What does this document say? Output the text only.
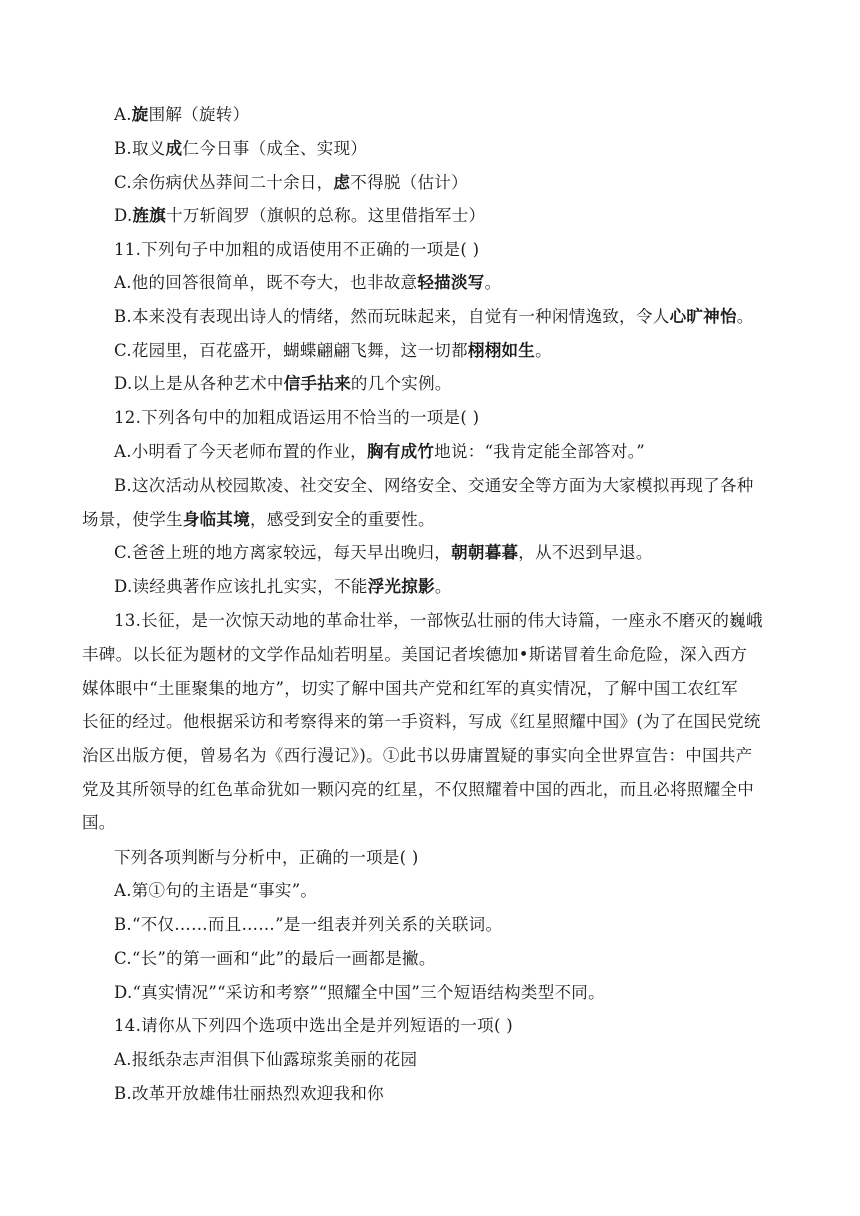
A.旋围解（旋转）
B.取义成仁今日事（成全、实现）
C.余伤病伏丛莽间二十余日，虑不得脱（估计）
D.旌旗十万斩阎罗（旗帜的总称。这里借指军士）
11.下列句子中加粗的成语使用不正确的一项是( )
A.他的回答很简单，既不夸大，也非故意轻描淡写。
B.本来没有表现出诗人的情绪，然而玩昧起来，自觉有一种闲情逸致，令人心旷神怡。
C.花园里，百花盛开，蝴蝶翩翩飞舞，这一切都栩栩如生。
D.以上是从各种艺术中信手拈来的几个实例。
12.下列各句中的加粗成语运用不恰当的一项是( )
A.小明看了今天老师布置的作业，胸有成竹地说：“我肯定能全部答对。”
B.这次活动从校园欺凌、社交安全、网络安全、交通安全等方面为大家模拟再现了各种
场景，使学生身临其境，感受到安全的重要性。
C.爸爸上班的地方离家较远，每天早出晚归，朝朝暮暮，从不迟到早退。
D.读经典著作应该扎扎实实，不能浮光掠影。
13.长征，是一次惊天动地的革命壮举，一部恢弘壮丽的伟大诗篇，一座永不磨灭的巍峨
丰碑。以长征为题材的文学作品灿若明星。美国记者埃德加•斯诺冒着生命危险，深入西方
媒体眼中“土匪聚集的地方”，切实了解中国共产党和红军的真实情况，了解中国工农红军
长征的经过。他根据采访和考察得来的第一手资料，写成《红星照耀中国》(为了在国民党统
治区出版方便，曾易名为《西行漫记》)。①此书以毋庸置疑的事实向全世界宣告：中国共产
党及其所领导的红色革命犹如一颗闪亮的红星，不仅照耀着中国的西北，而且必将照耀全中
国。
下列各项判断与分析中，正确的一项是( )
A.第①句的主语是“事实”。
B.“不仅……而且……”是一组表并列关系的关联词。
C.“长”的第一画和“此”的最后一画都是撇。
D.“真实情况”“采访和考察”“照耀全中国”三个短语结构类型不同。
14.请你从下列四个选项中选出全是并列短语的一项( )
A.报纸杂志声泪俱下仙露琼浆美丽的花园
B.改革开放雄伟壮丽热烈欢迎我和你
